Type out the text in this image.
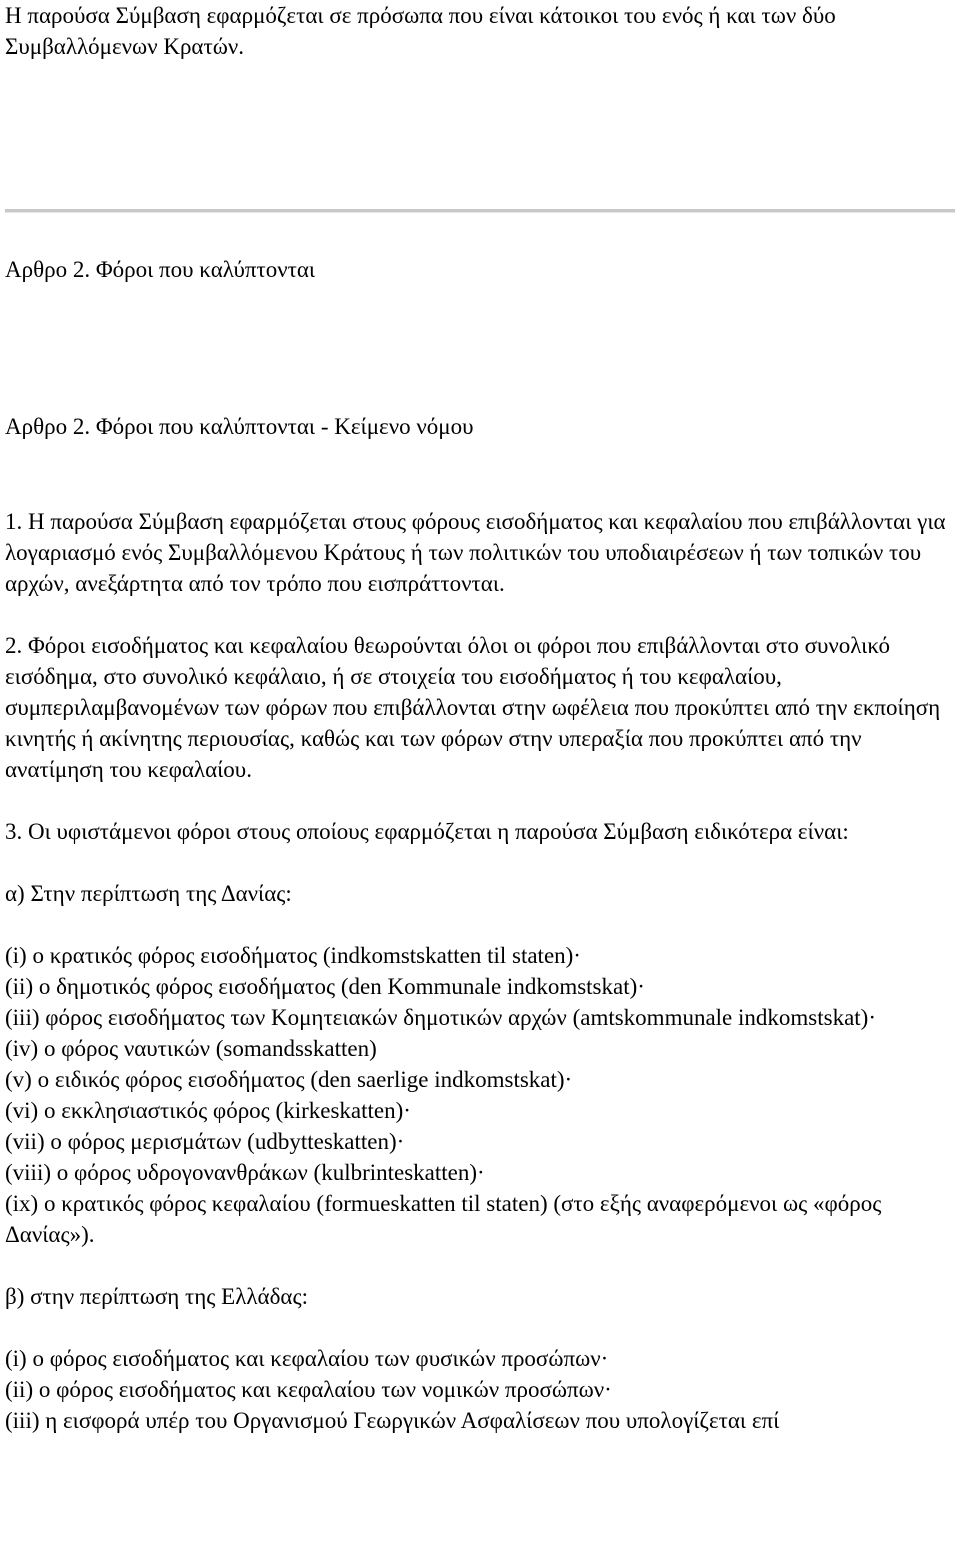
Η παρούσα Σύμβαση εφαρμόζεται σε πρόσωπα που είναι κάτοικοι του ενός ή και των δύο Συμβαλλόμενων Κρατών.

Αρθρο 2. Φόροι που καλύπτονται

Αρθρο 2. Φόροι που καλύπτονται - Κείμενο νόμου

1. Η παρούσα Σύμβαση εφαρμόζεται στους φόρους εισοδήματος και κεφαλαίου που επιβάλλονται για λογαριασμό ενός Συμβαλλόμενου Κράτους ή των πολιτικών του υποδιαιρέσεων ή των τοπικών του αρχών, ανεξάρτητα από τον τρόπο που εισπράττονται.

2. Φόροι εισοδήματος και κεφαλαίου θεωρούνται όλοι οι φόροι που επιβάλλονται στο συνολικό εισόδημα, στο συνολικό κεφάλαιο, ή σε στοιχεία του εισοδήματος ή του κεφαλαίου, συμπεριλαμβανομένων των φόρων που επιβάλλονται στην ωφέλεια που προκύπτει από την εκποίηση κινητής ή ακίνητης περιουσίας, καθώς και των φόρων στην υπεραξία που προκύπτει από την ανατίμηση του κεφαλαίου.

3. Οι υφιστάμενοι φόροι στους οποίους εφαρμόζεται η παρούσα Σύμβαση ειδικότερα είναι:

α) Στην περίπτωση της Δανίας:

(i) ο κρατικός φόρος εισοδήματος (indkomstskatten til staten)·

(ii) ο δημοτικός φόρος εισοδήματος (den Kommunale indkomstskat)·

(iii) φόρος εισοδήματος των Κομητειακών δημοτικών αρχών (amtskommunale indkomstskat)·

(iv) ο φόρος ναυτικών (somandsskatten)

(v) ο ειδικός φόρος εισοδήματος (den saerlige indkomstskat)·

(vi) ο εκκλησιαστικός φόρος (kirkeskatten)·

(vii) ο φόρος μερισμάτων (udbytteskatten)·

(viii) ο φόρος υδρογονανθράκων (kulbrinteskatten)·

(ix) ο κρατικός φόρος κεφαλαίου (formueskatten til staten) (στο εξής αναφερόμενοι ως «φόρος Δανίας»).

β) στην περίπτωση της Ελλάδας:

(i) ο φόρος εισοδήματος και κεφαλαίου των φυσικών προσώπων·

(ii) ο φόρος εισοδήματος και κεφαλαίου των νομικών προσώπων·

(iii) η εισφορά υπέρ του Οργανισμού Γεωργικών Ασφαλίσεων που υπολογίζεται επί
